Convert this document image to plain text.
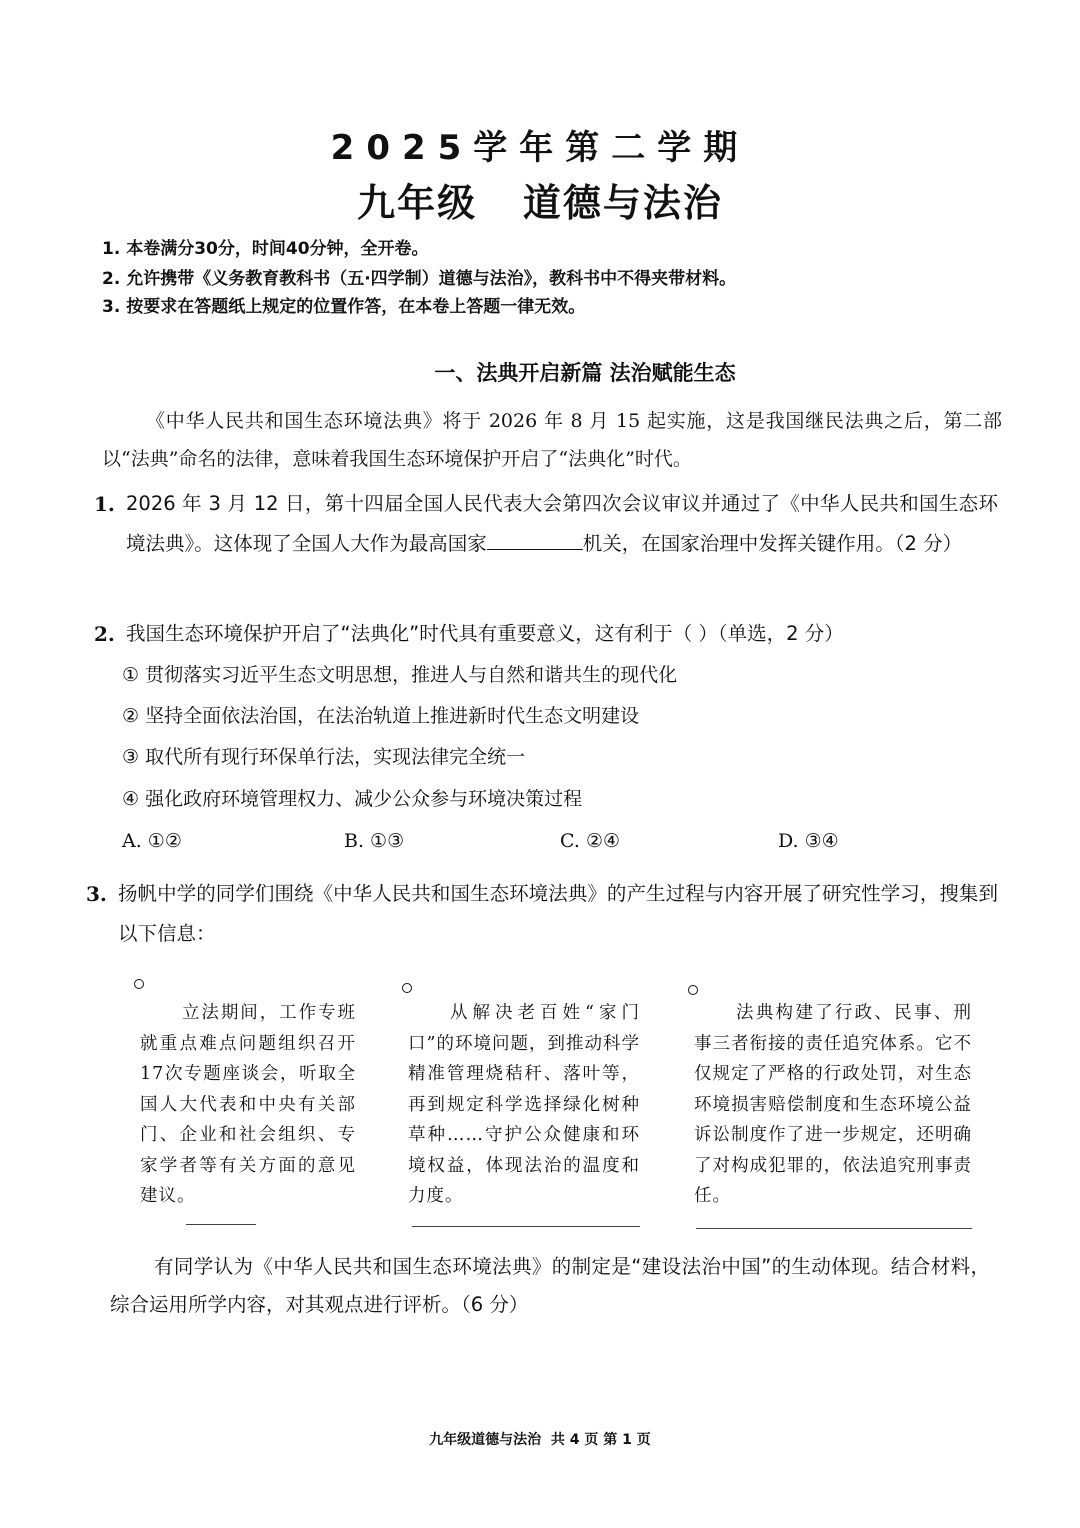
2025学年第二学期
九年级   道德与法治
1. 本卷满分30分，时间40分钟，全开卷。
2. 允许携带《义务教育教科书（五·四学制）道德与法治》，教科书中不得夹带材料。
3. 按要求在答题纸上规定的位置作答，在本卷上答题一律无效。
一、法典开启新篇 法治赋能生态
《中华人民共和国生态环境法典》将于 2026 年 8 月 15 起实施，这是我国继民法典之后，第二部以“法典”命名的法律，意味着我国生态环境保护开启了“法典化”时代。
1. 2026 年 3 月 12 日，第十四届全国人民代表大会第四次会议审议并通过了《中华人民共和国生态环境法典》。这体现了全国人大作为最高国家	机关，在国家治理中发挥关键作用。（2 分）
2. 我国生态环境保护开启了“法典化”时代具有重要意义，这有利于（ ）（单选，2 分）
① 贯彻落实习近平生态文明思想，推进人与自然和谐共生的现代化
② 坚持全面依法治国，在法治轨道上推进新时代生态文明建设
③ 取代所有现行环保单行法，实现法律完全统一
④ 强化政府环境管理权力、减少公众参与环境决策过程
A. ①②	B. ①③	C. ②④	D. ③④
3. 扬帆中学的同学们围绕《中华人民共和国生态环境法典》的产生过程与内容开展了研究性学习，搜集到以下信息：
立法期间，工作专班就重点难点问题组织召开17次专题座谈会，听取全国人大代表和中央有关部门、企业和社会组织、专家学者等有关方面的意见建议。
从解决老百姓“家门口”的环境问题，到推动科学精准管理烧秸秆、落叶等，再到规定科学选择绿化树种草种……守护公众健康和环境权益，体现法治的温度和力度。
法典构建了行政、民事、刑事三者衔接的责任追究体系。它不仅规定了严格的行政处罚，对生态环境损害赔偿制度和生态环境公益诉讼制度作了进一步规定，还明确了对构成犯罪的，依法追究刑事责任。
有同学认为《中华人民共和国生态环境法典》的制定是“建设法治中国”的生动体现。结合材料，综合运用所学内容，对其观点进行评析。（6 分）
九年级道德与法治  共 4 页 第 1 页
